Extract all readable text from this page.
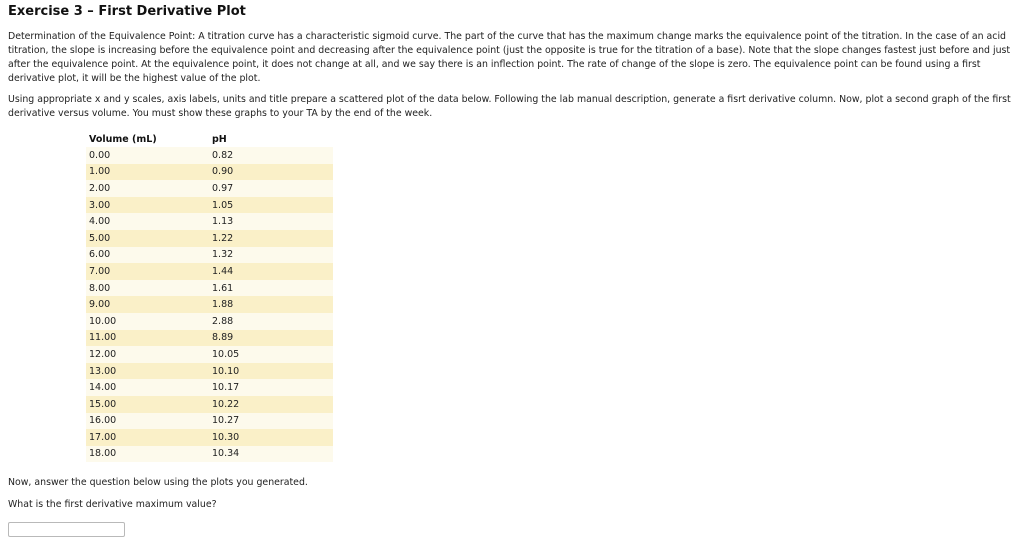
Exercise 3 – First Derivative Plot

Determination of the Equivalence Point: A titration curve has a characteristic sigmoid curve. The part of the curve that has the maximum change marks the equivalence point of the titration. In the case of an acid titration, the slope is increasing before the equivalence point and decreasing after the equivalence point (just the opposite is true for the titration of a base). Note that the slope changes fastest just before and just after the equivalence point. At the equivalence point, it does not change at all, and we say there is an inflection point. The rate of change of the slope is zero. The equivalence point can be found using a first derivative plot, it will be the highest value of the plot.

Using appropriate x and y scales, axis labels, units and title prepare a scattered plot of the data below. Following the lab manual description, generate a fisrt derivative column. Now, plot a second graph of the first derivative versus volume. You must show these graphs to your TA by the end of the week.

Volume (mL)	pH
0.00	0.82
1.00	0.90
2.00	0.97
3.00	1.05
4.00	1.13
5.00	1.22
6.00	1.32
7.00	1.44
8.00	1.61
9.00	1.88
10.00	2.88
11.00	8.89
12.00	10.05
13.00	10.10
14.00	10.17
15.00	10.22
16.00	10.27
17.00	10.30
18.00	10.34

Now, answer the question below using the plots you generated.

What is the first derivative maximum value?
